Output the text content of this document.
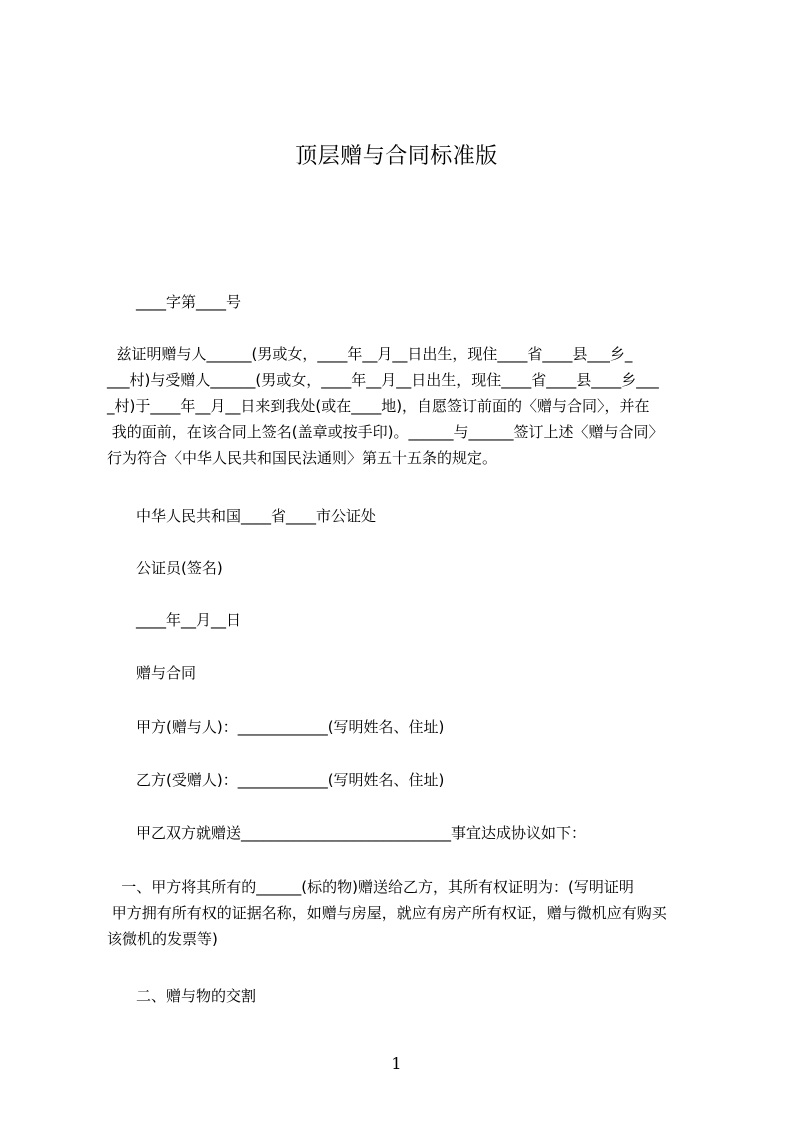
顶层赠与合同标准版

____字第____号

兹证明赠与人______(男或女，____年__月__日出生，现住____省____县___乡_
___村)与受赠人______(男或女，____年__月__日出生，现住____省____县____乡___
_村)于____年__月__日来到我处(或在____地)，自愿签订前面的〈赠与合同〉，并在
我的面前，在该合同上签名(盖章或按手印)。______与______签订上述〈赠与合同〉
行为符合〈中华人民共和国民法通则〉第五十五条的规定。

中华人民共和国____省____市公证处

公证员(签名)

____年__月__日

赠与合同

甲方(赠与人)：____________(写明姓名、住址)

乙方(受赠人)：____________(写明姓名、住址)

甲乙双方就赠送____________________________事宜达成协议如下：

一、甲方将其所有的______(标的物)赠送给乙方，其所有权证明为：(写明证明
甲方拥有所有权的证据名称，如赠与房屋，就应有房产所有权证，赠与微机应有购买
该微机的发票等)

二、赠与物的交割

1
